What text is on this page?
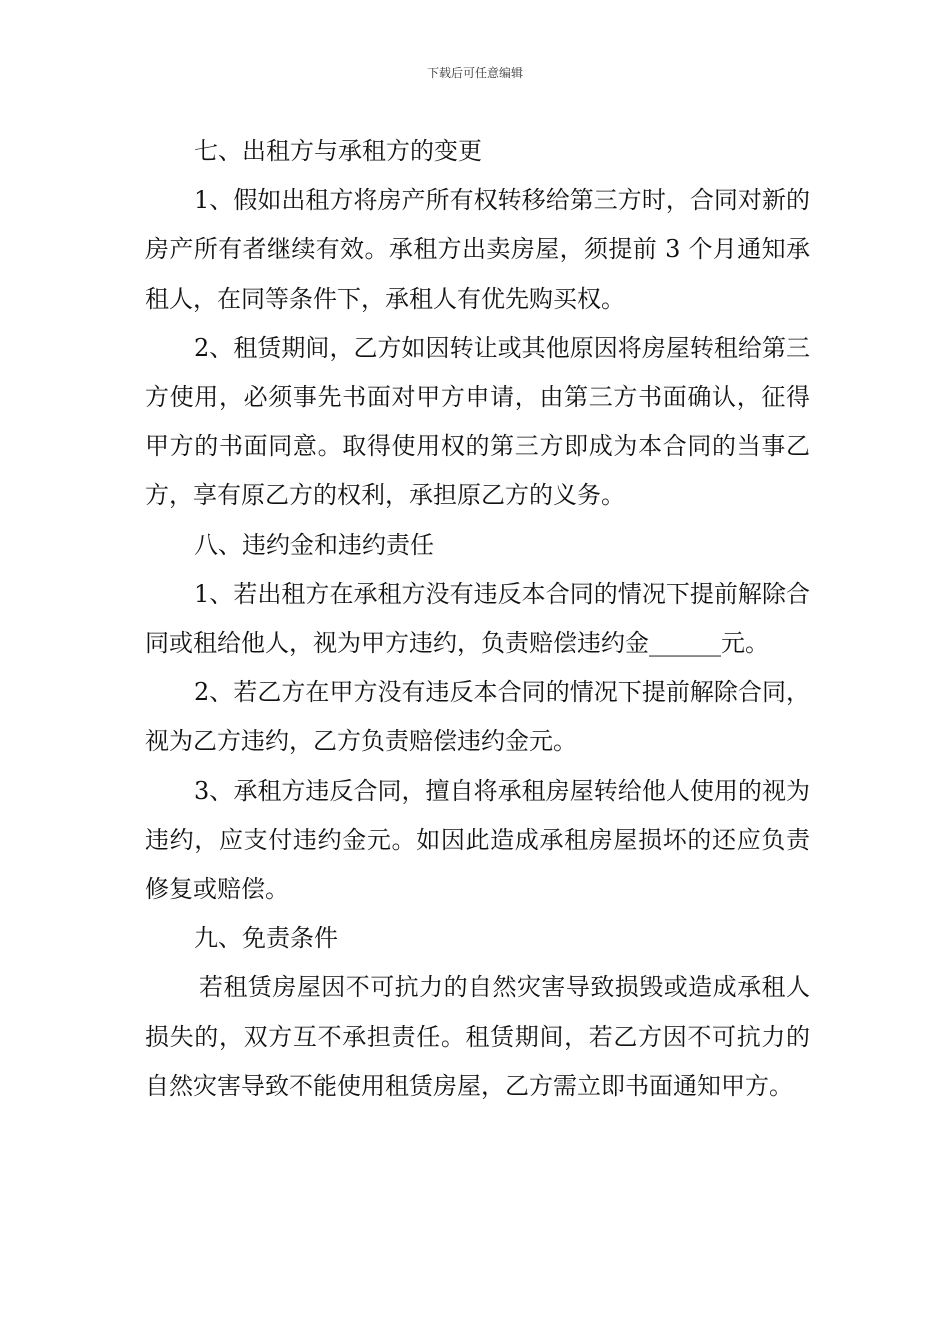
下载后可任意编辑

七、出租方与承租方的变更

1、假如出租方将房产所有权转移给第三方时，合同对新的房产所有者继续有效。承租方出卖房屋，须提前 3 个月通知承租人，在同等条件下，承租人有优先购买权。

2、租赁期间，乙方如因转让或其他原因将房屋转租给第三方使用，必须事先书面对甲方申请，由第三方书面确认，征得甲方的书面同意。取得使用权的第三方即成为本合同的当事乙方，享有原乙方的权利，承担原乙方的义务。

八、违约金和违约责任

1、若出租方在承租方没有违反本合同的情况下提前解除合同或租给他人，视为甲方违约，负责赔偿违约金______元。

2、若乙方在甲方没有违反本合同的情况下提前解除合同，视为乙方违约，乙方负责赔偿违约金元。

3、承租方违反合同，擅自将承租房屋转给他人使用的视为违约，应支付违约金元。如因此造成承租房屋损坏的还应负责修复或赔偿。

九、免责条件

若租赁房屋因不可抗力的自然灾害导致损毁或造成承租人损失的，双方互不承担责任。租赁期间，若乙方因不可抗力的自然灾害导致不能使用租赁房屋，乙方需立即书面通知甲方。
